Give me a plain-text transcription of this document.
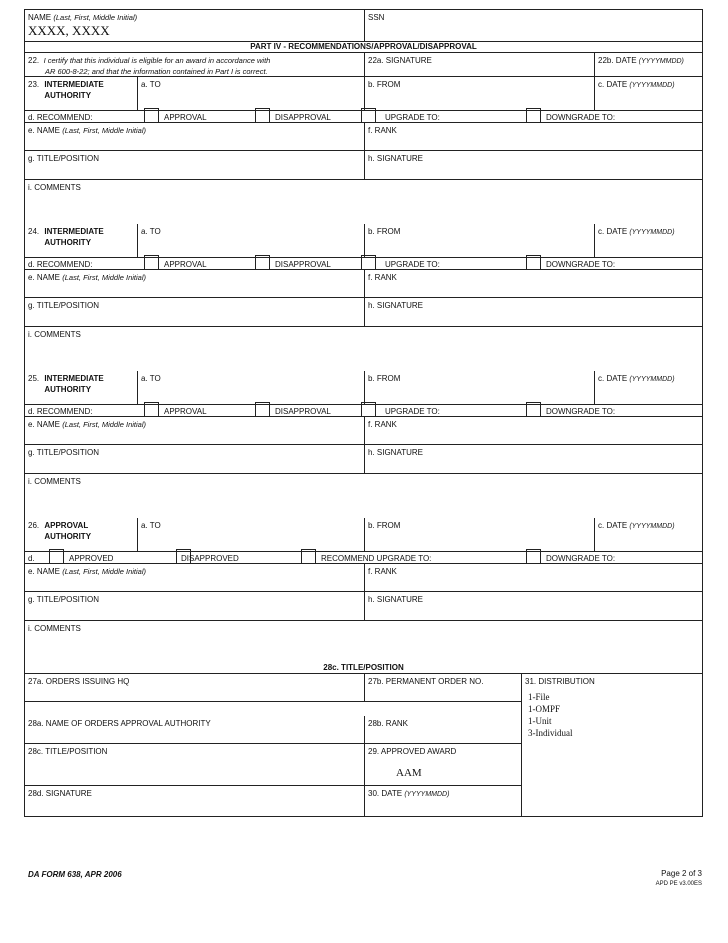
NAME (Last, First, Middle Initial)
XXXX, XXXX
SSN
PART IV - RECOMMENDATIONS/APPROVAL/DISAPPROVAL
22. I certify that this individual is eligible for an award in accordance with
AR 600-8-22; and that the information contained in Part I is correct.
22a. SIGNATURE	22b. DATE (YYYYMMDD)
23. INTERMEDIATE
AUTHORITY
a. TO	b. FROM	c. DATE (YYYYMMDD)
d. RECOMMEND:	APPROVAL	DISAPPROVAL	UPGRADE TO:	DOWNGRADE TO:
e. NAME (Last, First, Middle Initial)	f. RANK
g. TITLE/POSITION	h. SIGNATURE
i. COMMENTS
24. INTERMEDIATE
AUTHORITY
a. TO	b. FROM	c. DATE (YYYYMMDD)
d. RECOMMEND:	APPROVAL	DISAPPROVAL	UPGRADE TO:	DOWNGRADE TO:
e. NAME (Last, First, Middle Initial)	f. RANK
g. TITLE/POSITION	h. SIGNATURE
i. COMMENTS
25. INTERMEDIATE
AUTHORITY
a. TO	b. FROM	c. DATE (YYYYMMDD)
d. RECOMMEND:	APPROVAL	DISAPPROVAL	UPGRADE TO:	DOWNGRADE TO:
e. NAME (Last, First, Middle Initial)	f. RANK
g. TITLE/POSITION	h. SIGNATURE
i. COMMENTS
26. APPROVAL
AUTHORITY
a. TO	b. FROM	c. DATE (YYYYMMDD)
d.	APPROVED	DISAPPROVED	RECOMMEND UPGRADE TO:	DOWNGRADE TO:
e. NAME (Last, First, Middle Initial)	f. RANK
g. TITLE/POSITION	h. SIGNATURE
i. COMMENTS
28c. TITLE/POSITION
27a. ORDERS ISSUING HQ	27b. PERMANENT ORDER NO.
28a. NAME OF ORDERS APPROVAL AUTHORITY	28b. RANK
28c. TITLE/POSITION	29. APPROVED AWARD
AAM
28d. SIGNATURE	30. DATE (YYYYMMDD)
31. DISTRIBUTION
1-File
1-OMPF
1-Unit
3-Individual
DA FORM 638, APR 2006	Page 2 of 3
APD PE v3.00ES
